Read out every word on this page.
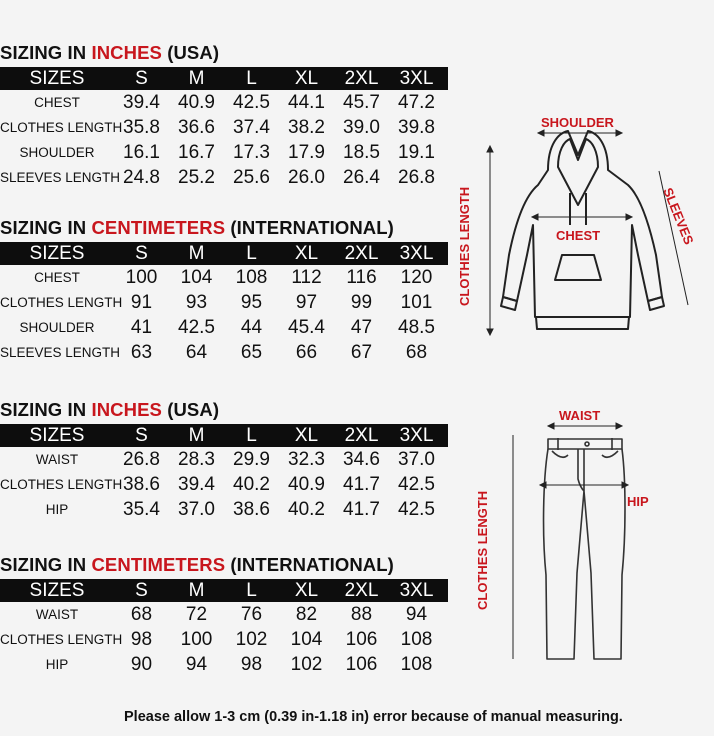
SIZING IN INCHES (USA)
SIZES	S	M	L	XL	2XL	3XL
CHEST	39.4 40.9 42.5 44.1 45.7 47.2
CLOTHES LENGTH 35.8 36.6 37.4 38.2 39.0 39.8
SHOULDER	16.1 16.7 17.3 17.9 18.5 19.1
SLEEVES LENGTH 24.8 25.2 25.6 26.0 26.4 26.8
SIZING IN CENTIMETERS (INTERNATIONAL)
SIZES	S	M	L	XL	2XL	3XL
CHEST	100	104	108	112	116	120
CLOTHES LENGTH 91	93	95	97	99	101
SHOULDER	41	42.5	44	45.4	47	48.5
SLEEVES LENGTH 63	64	65	66	67	68
SIZING IN INCHES (USA)
SIZES	S	M	L	XL	2XL	3XL
WAIST	26.8 28.3 29.9 32.3 34.6 37.0
CLOTHES LENGTH 38.6 39.4 40.2 40.9 41.7 42.5
HIP	35.4 37.0 38.6 40.2 41.7 42.5
SIZING IN CENTIMETERS (INTERNATIONAL)
SIZES	S	M	L	XL	2XL	3XL
WAIST	68	72	76	82	88	94
CLOTHES LENGTH 98	100	102	104	106	108
HIP	90	94	98	102	106	108
SHOULDER
CHEST	SLEEVES
CLOTHES LENGTH
WAIST
HIP
CLOTHES LENGTH
Please allow 1-3 cm (0.39 in-1.18 in) error because of manual measuring.
